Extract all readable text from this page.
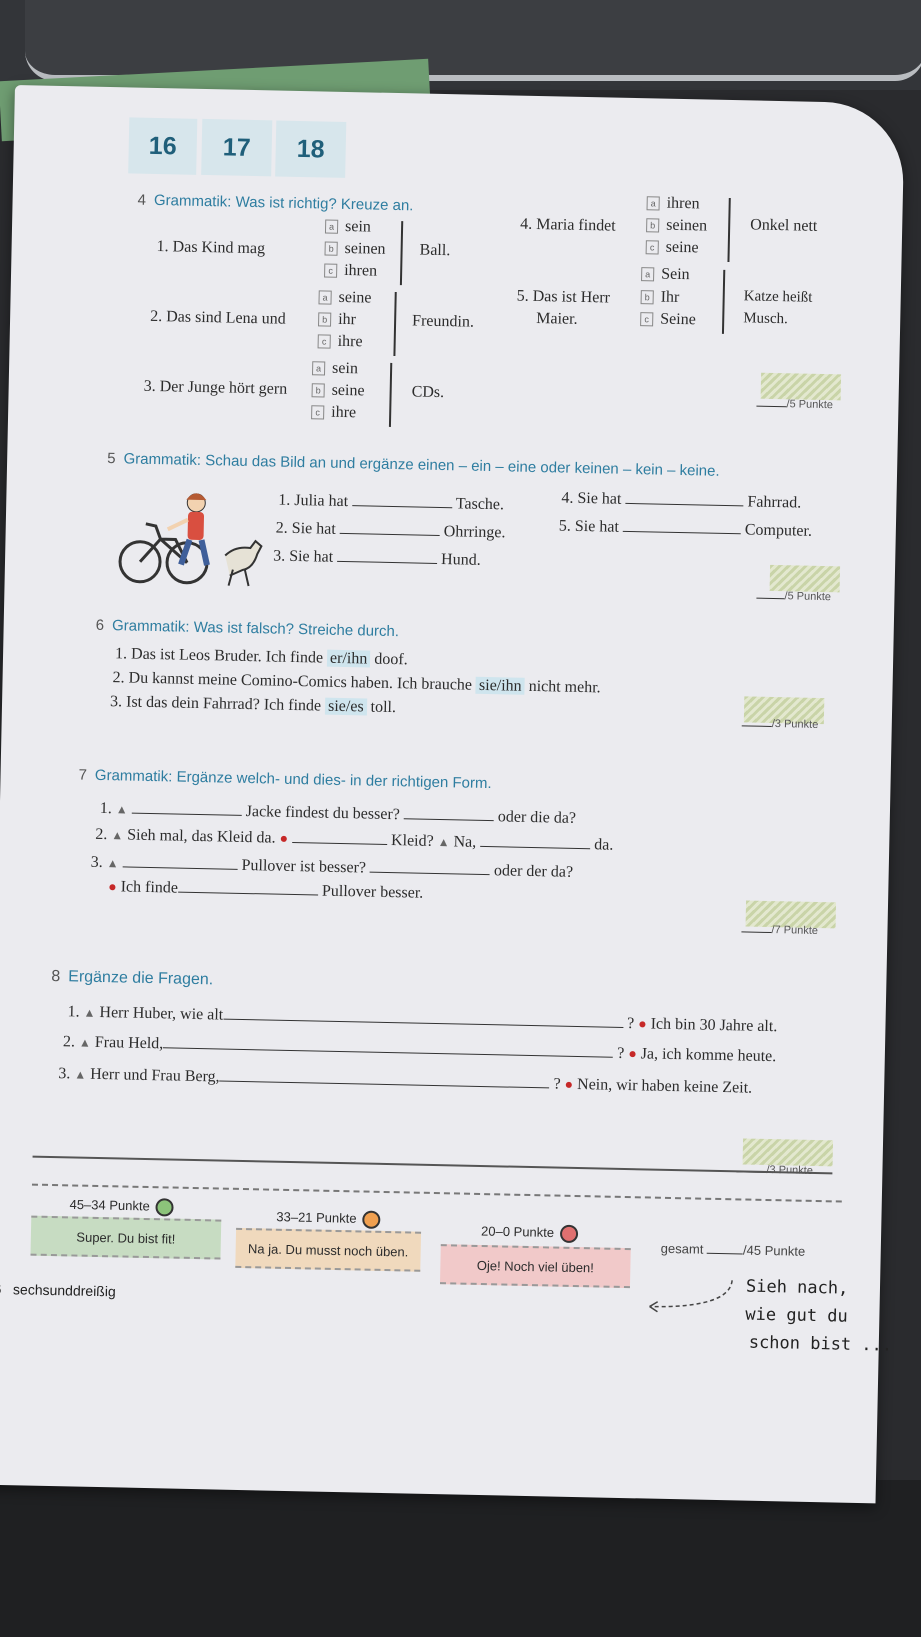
16	17	18
4 Grammatik: Was ist richtig? Kreuze an.
1. Das Kind mag
a sein
b seinen
c ihren
Ball.
2. Das sind Lena und
a seine
b ihr
c ihre
Freundin.
3. Der Junge hört gern
a sein
b seine
c ihre
CDs.
4. Maria findet
a ihren
b seinen
c seine
Onkel nett
5. Das ist Herr
Maier.
a Sein
b Ihr
c Seine
Katze heißt
Musch.
/5 Punkte
5 Grammatik: Schau das Bild an und ergänze einen – ein – eine oder keinen – kein – keine.
1. Julia hat	Tasche.
2. Sie hat	Ohrringe.
3. Sie hat	Hund.
4. Sie hat	Fahrrad.
5. Sie hat	Computer.
/5 Punkte
6 Grammatik: Was ist falsch? Streiche durch.
1. Das ist Leos Bruder. Ich finde er/ihn doof.
2. Du kannst meine Comino-Comics haben. Ich brauche sie/ihn nicht mehr.
3. Ist das dein Fahrrad? Ich finde sie/es toll.
/3 Punkte
7 Grammatik: Ergänze welch- und dies- in der richtigen Form.
1. ▲	Jacke findest du besser?	oder die da?
2. ▲ Sieh mal, das Kleid da. ●	Kleid? ▲ Na,	da.
3. ▲	Pullover ist besser?	oder der da?
● Ich finde	Pullover besser.
/7 Punkte
8 Ergänze die Fragen.
1. ▲ Herr Huber, wie alt ? ● Ich bin 30 Jahre alt.
2. ▲ Frau Held, ? ● Ja, ich komme heute.
3. ▲ Herr und Frau Berg,	? ● Nein, wir haben keine Zeit.
/3 Punkte
45–34 Punkte
Super. Du bist fit!
33–21 Punkte
Na ja. Du musst noch üben.
20–0 Punkte
Oje! Noch viel üben!
gesamt	/45 Punkte
sechsunddreißig	Sieh nach,
wie gut du
schon bist ...
